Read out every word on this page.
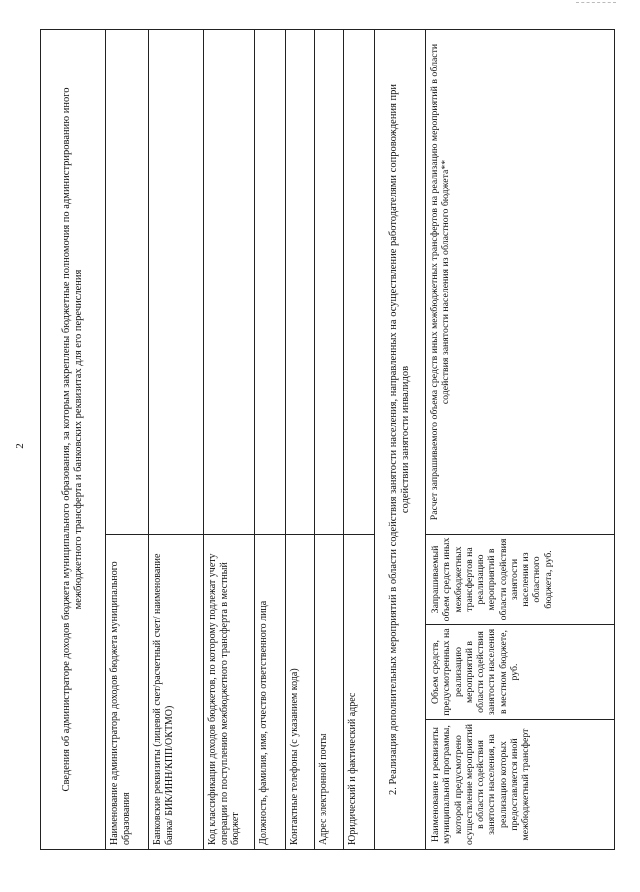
2	Сведения об администраторе доходов бюджета муниципального образования, за которым закреплены бюджетные полномочия по администрированию иного межбюджетного трансферта и банковских реквизитах для его перечисления			
Наименование администратора доходов бюджета муниципального образования			
Банковские реквизиты (лицевой счет/расчетный счет/ наименование банка/ БИК/ИНН/КПП/ОКТМО)			
Код классификации доходов бюджетов, по которому подлежат учету операции по поступлению межбюджетного трансферта в местный бюджет			
Должность, фамилия, имя, отчество ответственного лица			
Контактные телефоны (с указанием кода)			
Адрес электронной почты			
Юридический и фактический адрес			
2. Реализация дополнительных мероприятий в области содействия занятости населения, направленных на осуществление работодателями сопровождения при содействии занятости инвалидов			
Наименование и реквизиты муниципальной программы, которой предусмотрено осуществление мероприятий в области содействия занятости населения, на реализацию которых предоставляется иной межбюджетный трансферт	Объем средств, предусмотренных на реализацию мероприятий в области содействия занятости населения в местном бюджете, руб.	Запрашиваемый объем средств иных межбюджетных трансфертов на реализацию мероприятий в области содействия занятости населения из областного бюджета, руб.	Расчет запрашиваемого объема средств иных межбюджетных трансфертов на реализацию мероприятий в области содействия занятости населения из областного бюджета**
